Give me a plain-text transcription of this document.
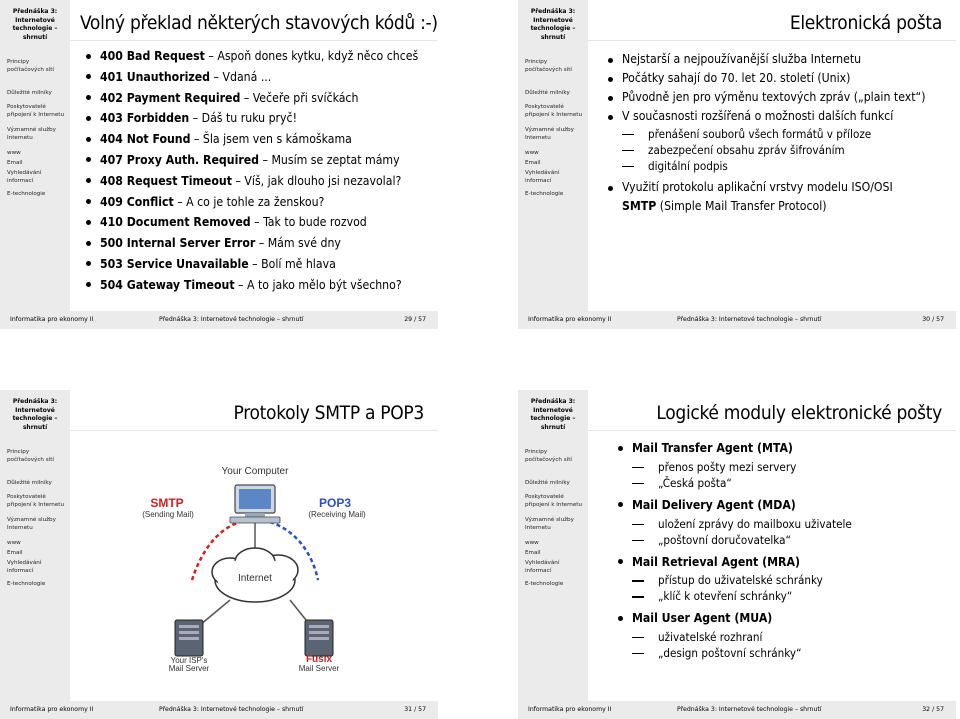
Přednáška 3:
Internetové
technologie –
shrnutí
Principy
počítačových sítí
Důležité milníky
Poskytovatelé
připojení k Internetu
Významné služby
Internetu
www
Email
Vyhledávání
informací
E-technologie
Volný překlad některých stavových kódů :-)
400 Bad Request – Aspoň dones kytku, když něco chceš
401 Unauthorized – Vdaná ...
402 Payment Required – Večeře při svíčkách
403 Forbidden – Dáš tu ruku pryč!
404 Not Found – Šla jsem ven s kámoškama
407 Proxy Auth. Required – Musím se zeptat mámy
408 Request Timeout – Víš, jak dlouho jsi nezavolal?
409 Conflict – A co je tohle za ženskou?
410 Document Removed – Tak to bude rozvod
500 Internal Server Error – Mám své dny
503 Service Unavailable – Bolí mě hlava
504 Gateway Timeout – A to jako mělo být všechno?
Informatika pro ekonomy II	Přednáška 3: Internetové technologie – shrnutí	29 / 57
Přednáška 3:
Internetové
technologie –
shrnutí
Principy
počítačových sítí
Důležité milníky
Poskytovatelé
připojení k Internetu
Významné služby
Internetu
www
Email
Vyhledávání
informací
E-technologie
Elektronická pošta
Nejstarší a nejpoužívanější služba Internetu
Počátky sahají do 70. let 20. století (Unix)
Původně jen pro výměnu textových zpráv („plain text“)
V současnosti rozšířená o možnosti dalších funkcí
přenášení souborů všech formátů v příloze
zabezpečení obsahu zpráv šifrováním
digitální podpis
Využití protokolu aplikační vrstvy modelu ISO/OSI
SMTP (Simple Mail Transfer Protocol)
Informatika pro ekonomy II	Přednáška 3: Internetové technologie – shrnutí	30 / 57
Přednáška 3:
Internetové
technologie –
shrnutí
Principy
počítačových sítí
Důležité milníky
Poskytovatelé
připojení k Internetu
Významné služby
Internetu
www
Email
Vyhledávání
informací
E-technologie
Protokoly SMTP a POP3
Your Computer
SMTP
(Sending Mail)
POP3
(Receiving Mail)
Internet
Your ISP's
Mail Server
Fusix
Mail Server
Informatika pro ekonomy II	Přednáška 3: Internetové technologie – shrnutí	31 / 57
Přednáška 3:
Internetové
technologie –
shrnutí
Principy
počítačových sítí
Důležité milníky
Poskytovatelé
připojení k Internetu
Významné služby
Internetu
www
Email
Vyhledávání
informací
E-technologie
Logické moduly elektronické pošty
Mail Transfer Agent (MTA)
přenos pošty mezi servery
„Česká pošta“
Mail Delivery Agent (MDA)
uložení zprávy do mailboxu uživatele
„poštovní doručovatelka“
Mail Retrieval Agent (MRA)
přístup do uživatelské schránky
„klíč k otevření schránky“
Mail User Agent (MUA)
uživatelské rozhraní
„design poštovní schránky“
Informatika pro ekonomy II	Přednáška 3: Internetové technologie – shrnutí	32 / 57
